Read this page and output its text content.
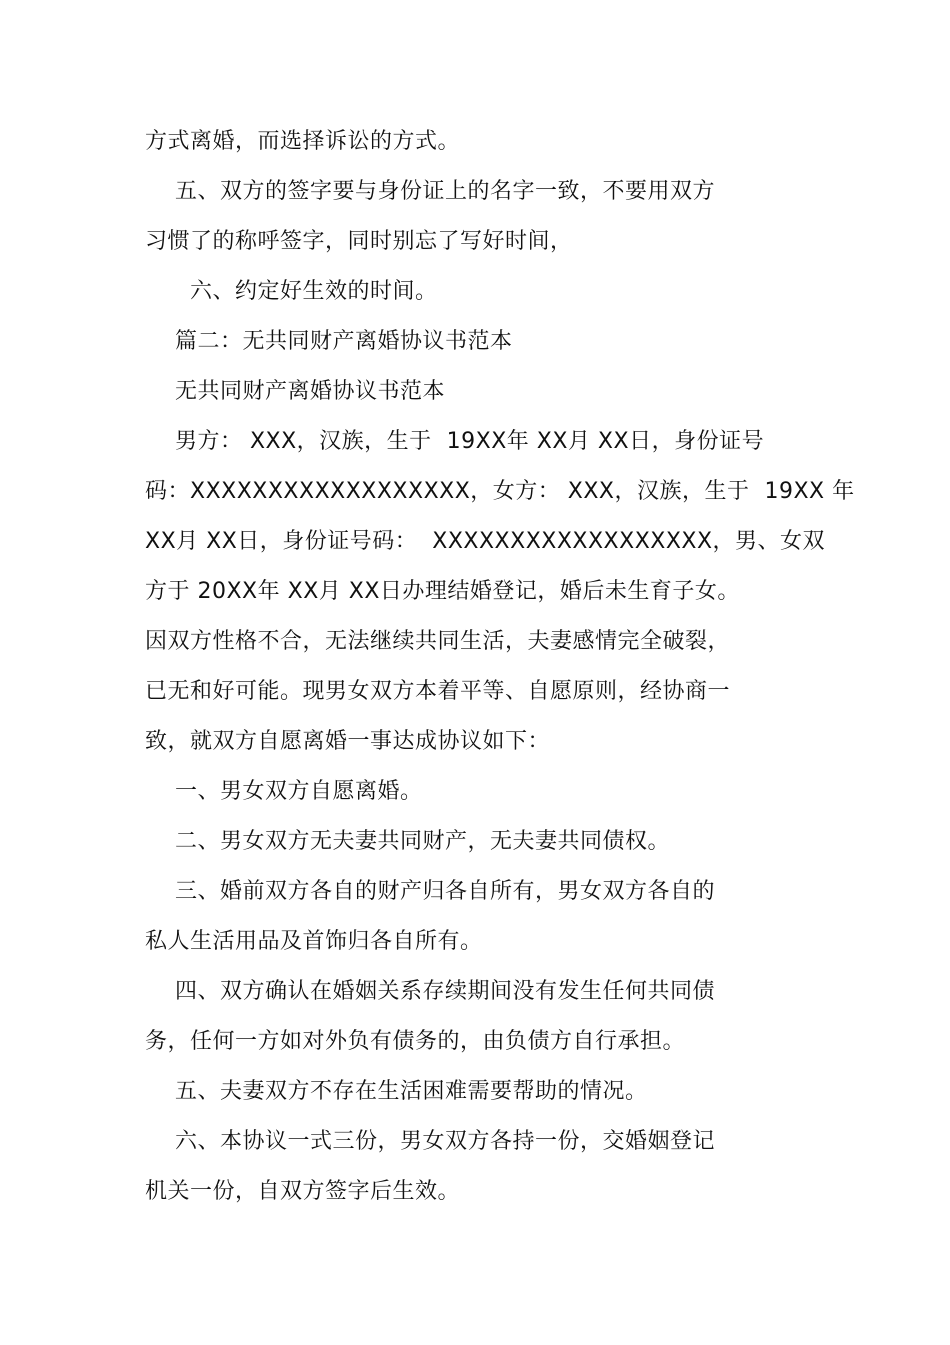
方式离婚，而选择诉讼的方式。
五、双方的签字要与身份证上的名字一致，不要用双方
习惯了的称呼签字，同时别忘了写好时间，
六、约定好生效的时间。
篇二：无共同财产离婚协议书范本
无共同财产离婚协议书范本
男方： XXX，汉族，生于  19XX年 XX月 XX日，身份证号
码：XXXXXXXXXXXXXXXXXX，女方： XXX，汉族，生于  19XX 年
XX月 XX日，身份证号码：  XXXXXXXXXXXXXXXXXX，男、女双
方于 20XX年 XX月 XX日办理结婚登记，婚后未生育子女。
因双方性格不合，无法继续共同生活，夫妻感情完全破裂，
已无和好可能。现男女双方本着平等、自愿原则，经协商一
致，就双方自愿离婚一事达成协议如下：
一、男女双方自愿离婚。
二、男女双方无夫妻共同财产，无夫妻共同债权。
三、婚前双方各自的财产归各自所有，男女双方各自的
私人生活用品及首饰归各自所有。
四、双方确认在婚姻关系存续期间没有发生任何共同债
务，任何一方如对外负有债务的，由负债方自行承担。
五、夫妻双方不存在生活困难需要帮助的情况。
六、本协议一式三份，男女双方各持一份，交婚姻登记
机关一份，自双方签字后生效。
